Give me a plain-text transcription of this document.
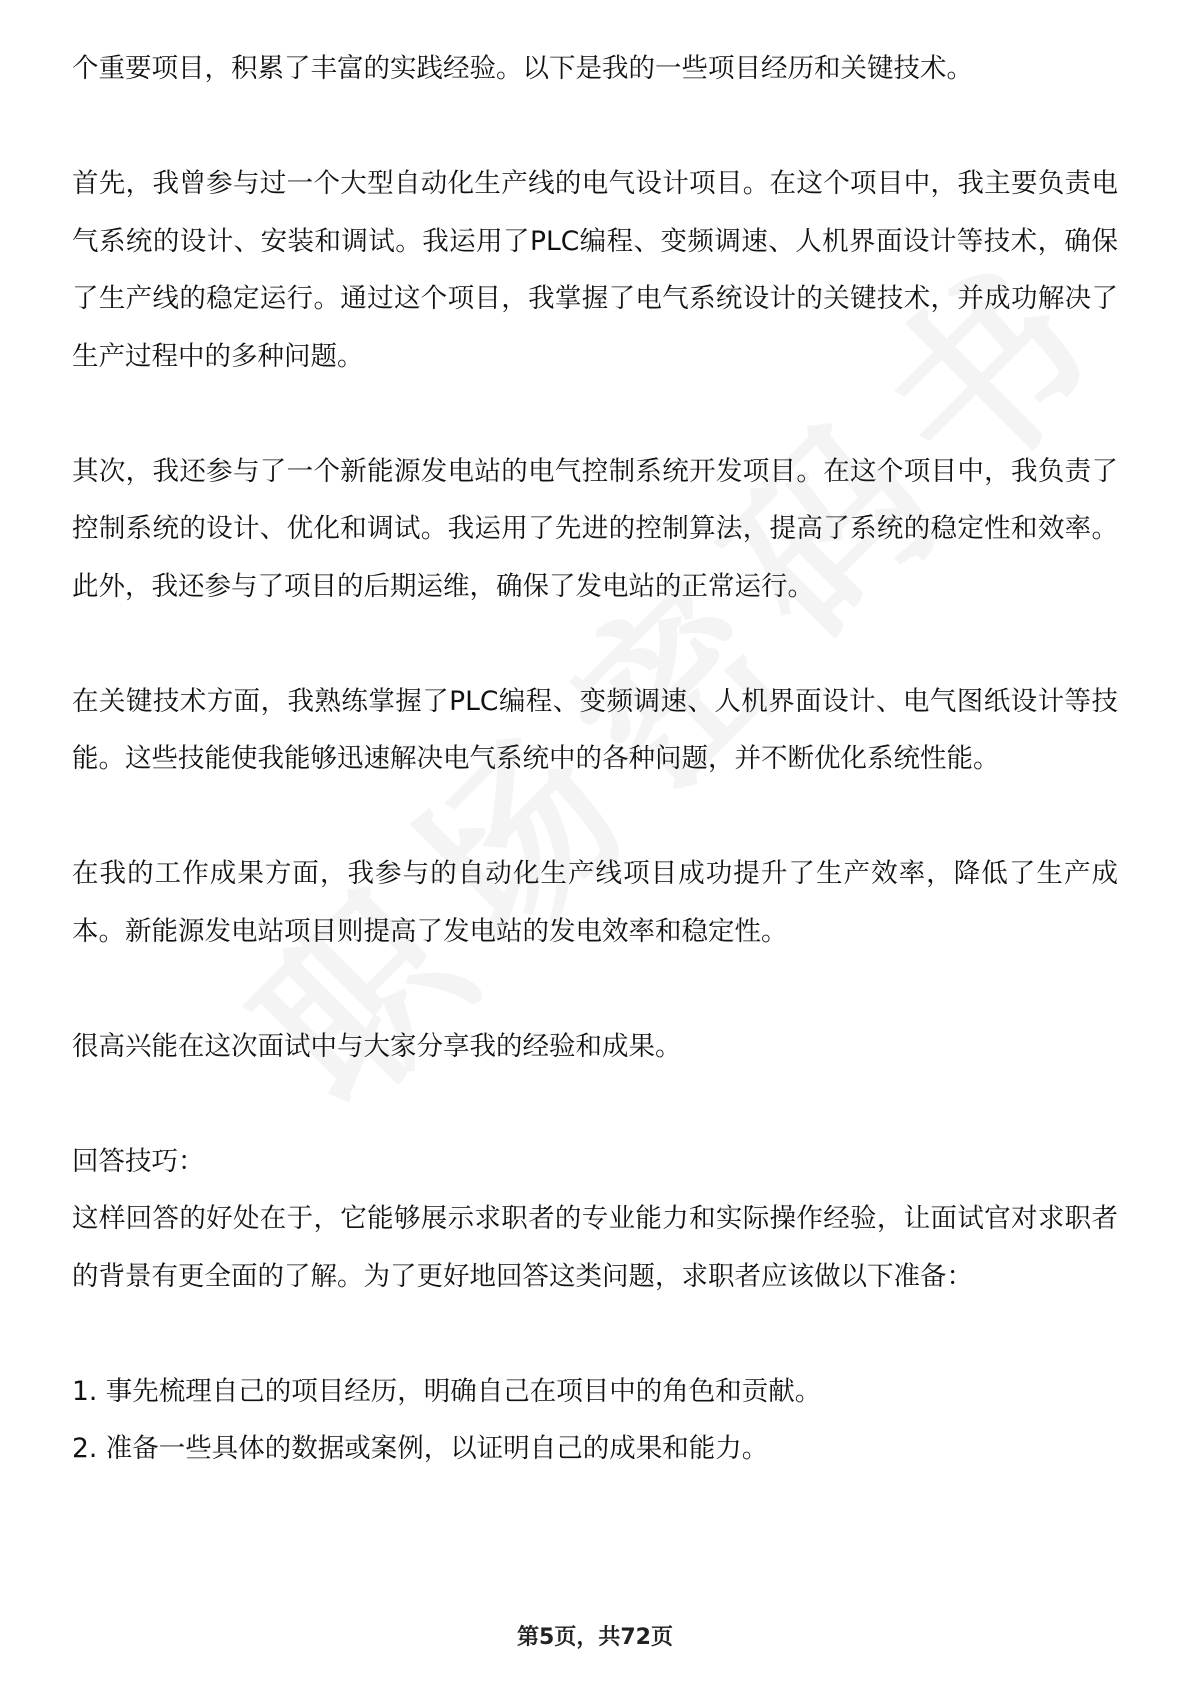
个重要项目，积累了丰富的实践经验。以下是我的一些项目经历和关键技术。

首先，我曾参与过一个大型自动化生产线的电气设计项目。在这个项目中，我主要负责电气系统的设计、安装和调试。我运用了PLC编程、变频调速、人机界面设计等技术，确保了生产线的稳定运行。通过这个项目，我掌握了电气系统设计的关键技术，并成功解决了生产过程中的多种问题。

其次，我还参与了一个新能源发电站的电气控制系统开发项目。在这个项目中，我负责了控制系统的设计、优化和调试。我运用了先进的控制算法，提高了系统的稳定性和效率。此外，我还参与了项目的后期运维，确保了发电站的正常运行。

在关键技术方面，我熟练掌握了PLC编程、变频调速、人机界面设计、电气图纸设计等技能。这些技能使我能够迅速解决电气系统中的各种问题，并不断优化系统性能。

在我的工作成果方面，我参与的自动化生产线项目成功提升了生产效率，降低了生产成本。新能源发电站项目则提高了发电站的发电效率和稳定性。

很高兴能在这次面试中与大家分享我的经验和成果。

回答技巧：

这样回答的好处在于，它能够展示求职者的专业能力和实际操作经验，让面试官对求职者的背景有更全面的了解。为了更好地回答这类问题，求职者应该做以下准备：

1. 事先梳理自己的项目经历，明确自己在项目中的角色和贡献。
2. 准备一些具体的数据或案例，以证明自己的成果和能力。
第5页，共72页
